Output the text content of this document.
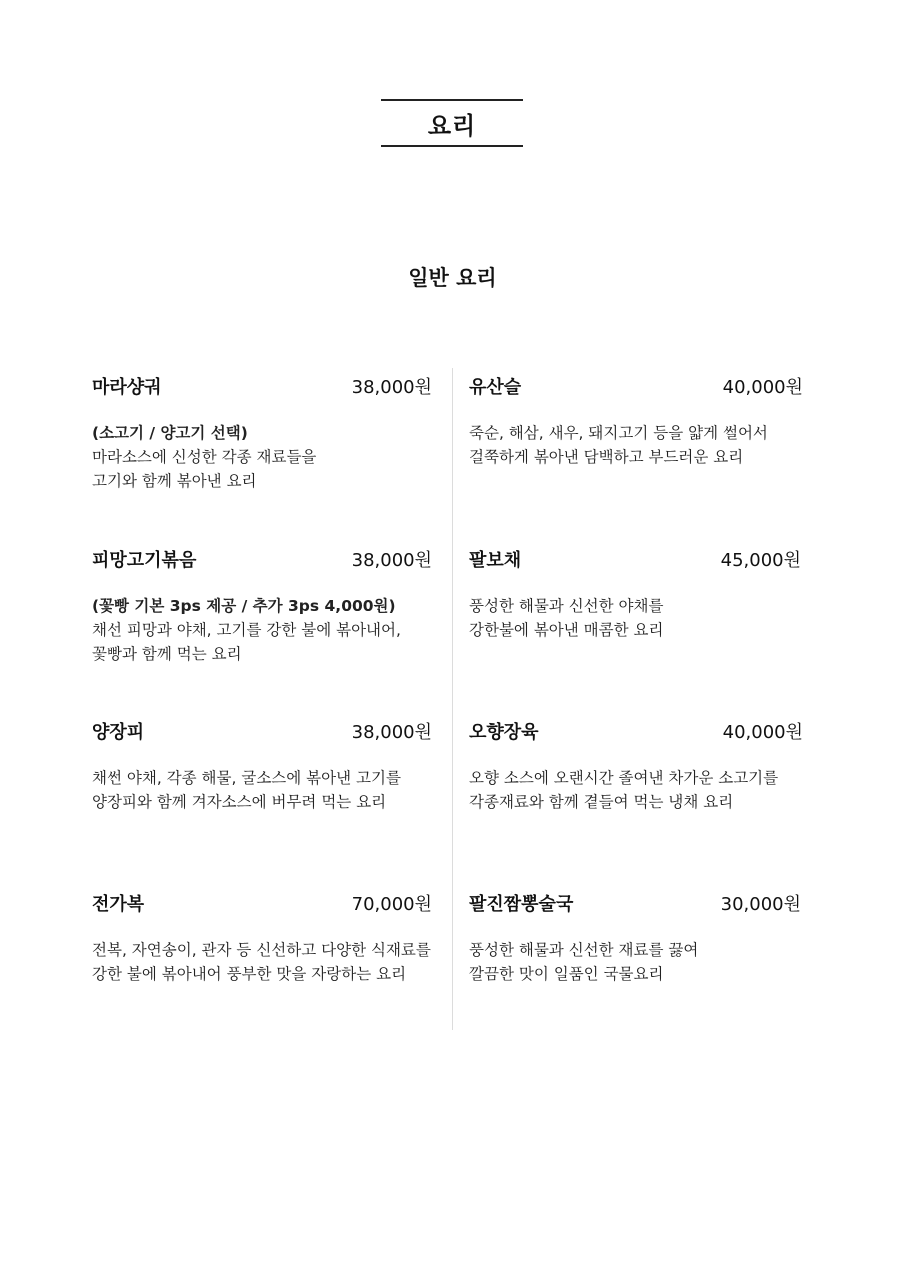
요리
일반 요리
마라샹궈	38,000원
(소고기 / 양고기 선택)
마라소스에 신성한 각종 재료들을
고기와 함께 볶아낸 요리
피망고기볶음	38,000원
(꽃빵 기본 3ps 제공 / 추가 3ps 4,000원)
채선 피망과 야채, 고기를 강한 불에 볶아내어,
꽃빵과 함께 먹는 요리
양장피	38,000원
채썬 야채, 각종 해물, 굴소스에 볶아낸 고기를
양장피와 함께 겨자소스에 버무려 먹는 요리
전가복	70,000원
전복, 자연송이, 관자 등 신선하고 다양한 식재료를
강한 불에 볶아내어 풍부한 맛을 자랑하는 요리
유산슬	40,000원
죽순, 해삼, 새우, 돼지고기 등을 얇게 썰어서
걸쭉하게 볶아낸 담백하고 부드러운 요리
팔보채	45,000원
풍성한 해물과 신선한 야채를
강한불에 볶아낸 매콤한 요리
오향장육	40,000원
오향 소스에 오랜시간 졸여낸 차가운 소고기를
각종재료와 함께 곁들여 먹는 냉채 요리
팔진짬뽕술국	30,000원
풍성한 해물과 신선한 재료를 끓여
깔끔한 맛이 일품인 국물요리
